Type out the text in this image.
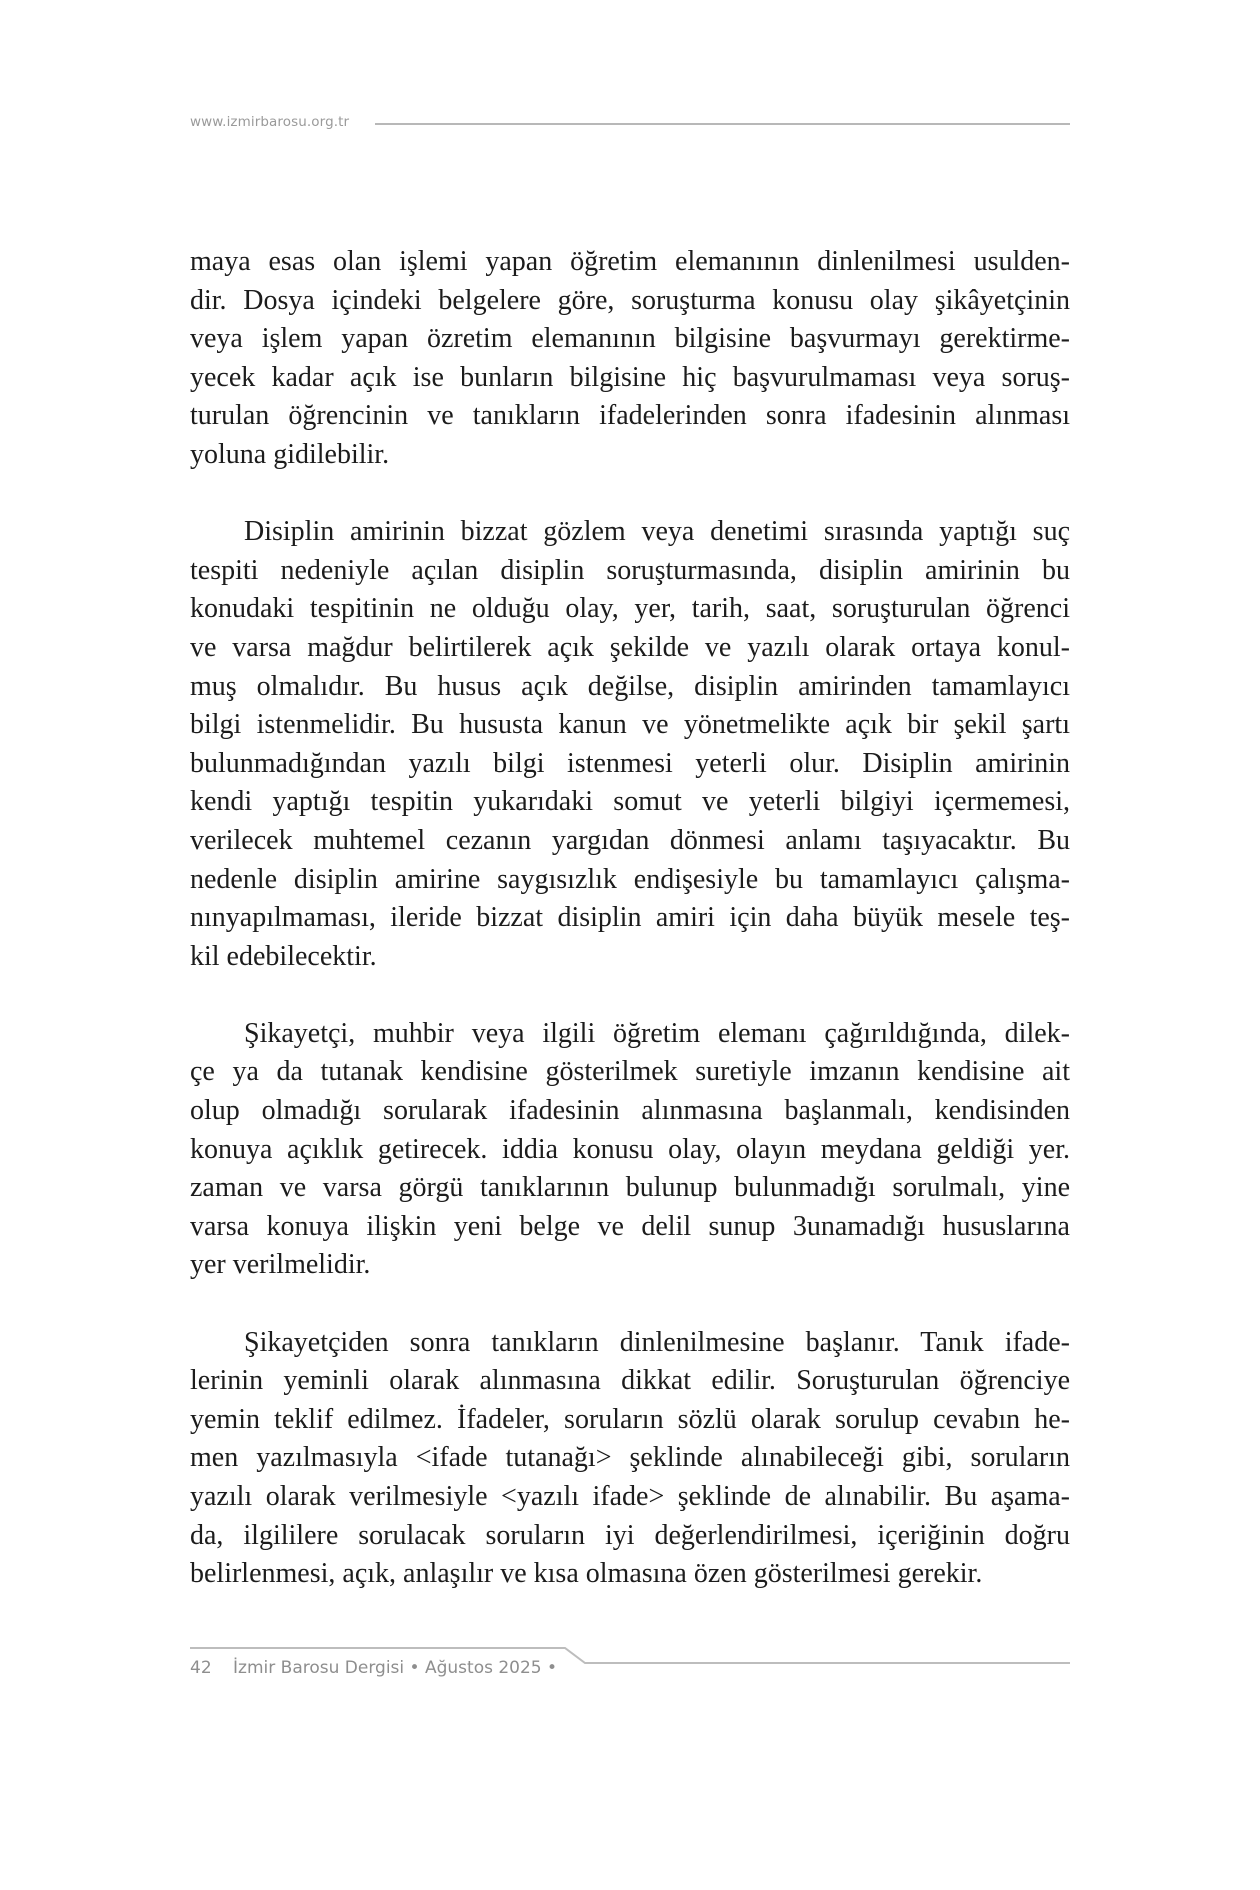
www.izmirbarosu.org.tr

maya esas olan işlemi yapan öğretim elemanının dinlenilmesi usulden-
dir. Dosya içindeki belgelere göre, soruşturma konusu olay şikâyetçinin
veya işlem yapan özretim elemanının bilgisine başvurmayı gerektirme-
yecek kadar açık ise bunların bilgisine hiç başvurulmaması veya soruş-
turulan öğrencinin ve tanıkların ifadelerinden sonra ifadesinin alınması
yoluna gidilebilir.

Disiplin amirinin bizzat gözlem veya denetimi sırasında yaptığı suç
tespiti nedeniyle açılan disiplin soruşturmasında, disiplin amirinin bu
konudaki tespitinin ne olduğu olay, yer, tarih, saat, soruşturulan öğrenci
ve varsa mağdur belirtilerek açık şekilde ve yazılı olarak ortaya konul-
muş olmalıdır. Bu husus açık değilse, disiplin amirinden tamamlayıcı
bilgi istenmelidir. Bu hususta kanun ve yönetmelikte açık bir şekil şartı
bulunmadığından yazılı bilgi istenmesi yeterli olur. Disiplin amirinin
kendi yaptığı tespitin yukarıdaki somut ve yeterli bilgiyi içermemesi,
verilecek muhtemel cezanın yargıdan dönmesi anlamı taşıyacaktır. Bu
nedenle disiplin amirine saygısızlık endişesiyle bu tamamlayıcı çalışma-
nınyapılmaması, ileride bizzat disiplin amiri için daha büyük mesele teş-
kil edebilecektir.

Şikayetçi, muhbir veya ilgili öğretim elemanı çağırıldığında, dilek-
çe ya da tutanak kendisine gösterilmek suretiyle imzanın kendisine ait
olup olmadığı sorularak ifadesinin alınmasına başlanmalı, kendisinden
konuya açıklık getirecek. iddia konusu olay, olayın meydana geldiği yer.
zaman ve varsa görgü tanıklarının bulunup bulunmadığı sorulmalı, yine
varsa konuya ilişkin yeni belge ve delil sunup 3unamadığı hususlarına
yer verilmelidir.

Şikayetçiden sonra tanıkların dinlenilmesine başlanır. Tanık ifade-
lerinin yeminli olarak alınmasına dikkat edilir. Soruşturulan öğrenciye
yemin teklif edilmez. İfadeler, soruların sözlü olarak sorulup cevabın he-
men yazılmasıyla <ifade tutanağı> şeklinde alınabileceği gibi, soruların
yazılı olarak verilmesiyle <yazılı ifade> şeklinde de alınabilir. Bu aşama-
da, ilgililere sorulacak soruların iyi değerlendirilmesi, içeriğinin doğru
belirlenmesi, açık, anlaşılır ve kısa olmasına özen gösterilmesi gerekir.

42 İzmir Barosu Dergisi • Ağustos 2025 •
